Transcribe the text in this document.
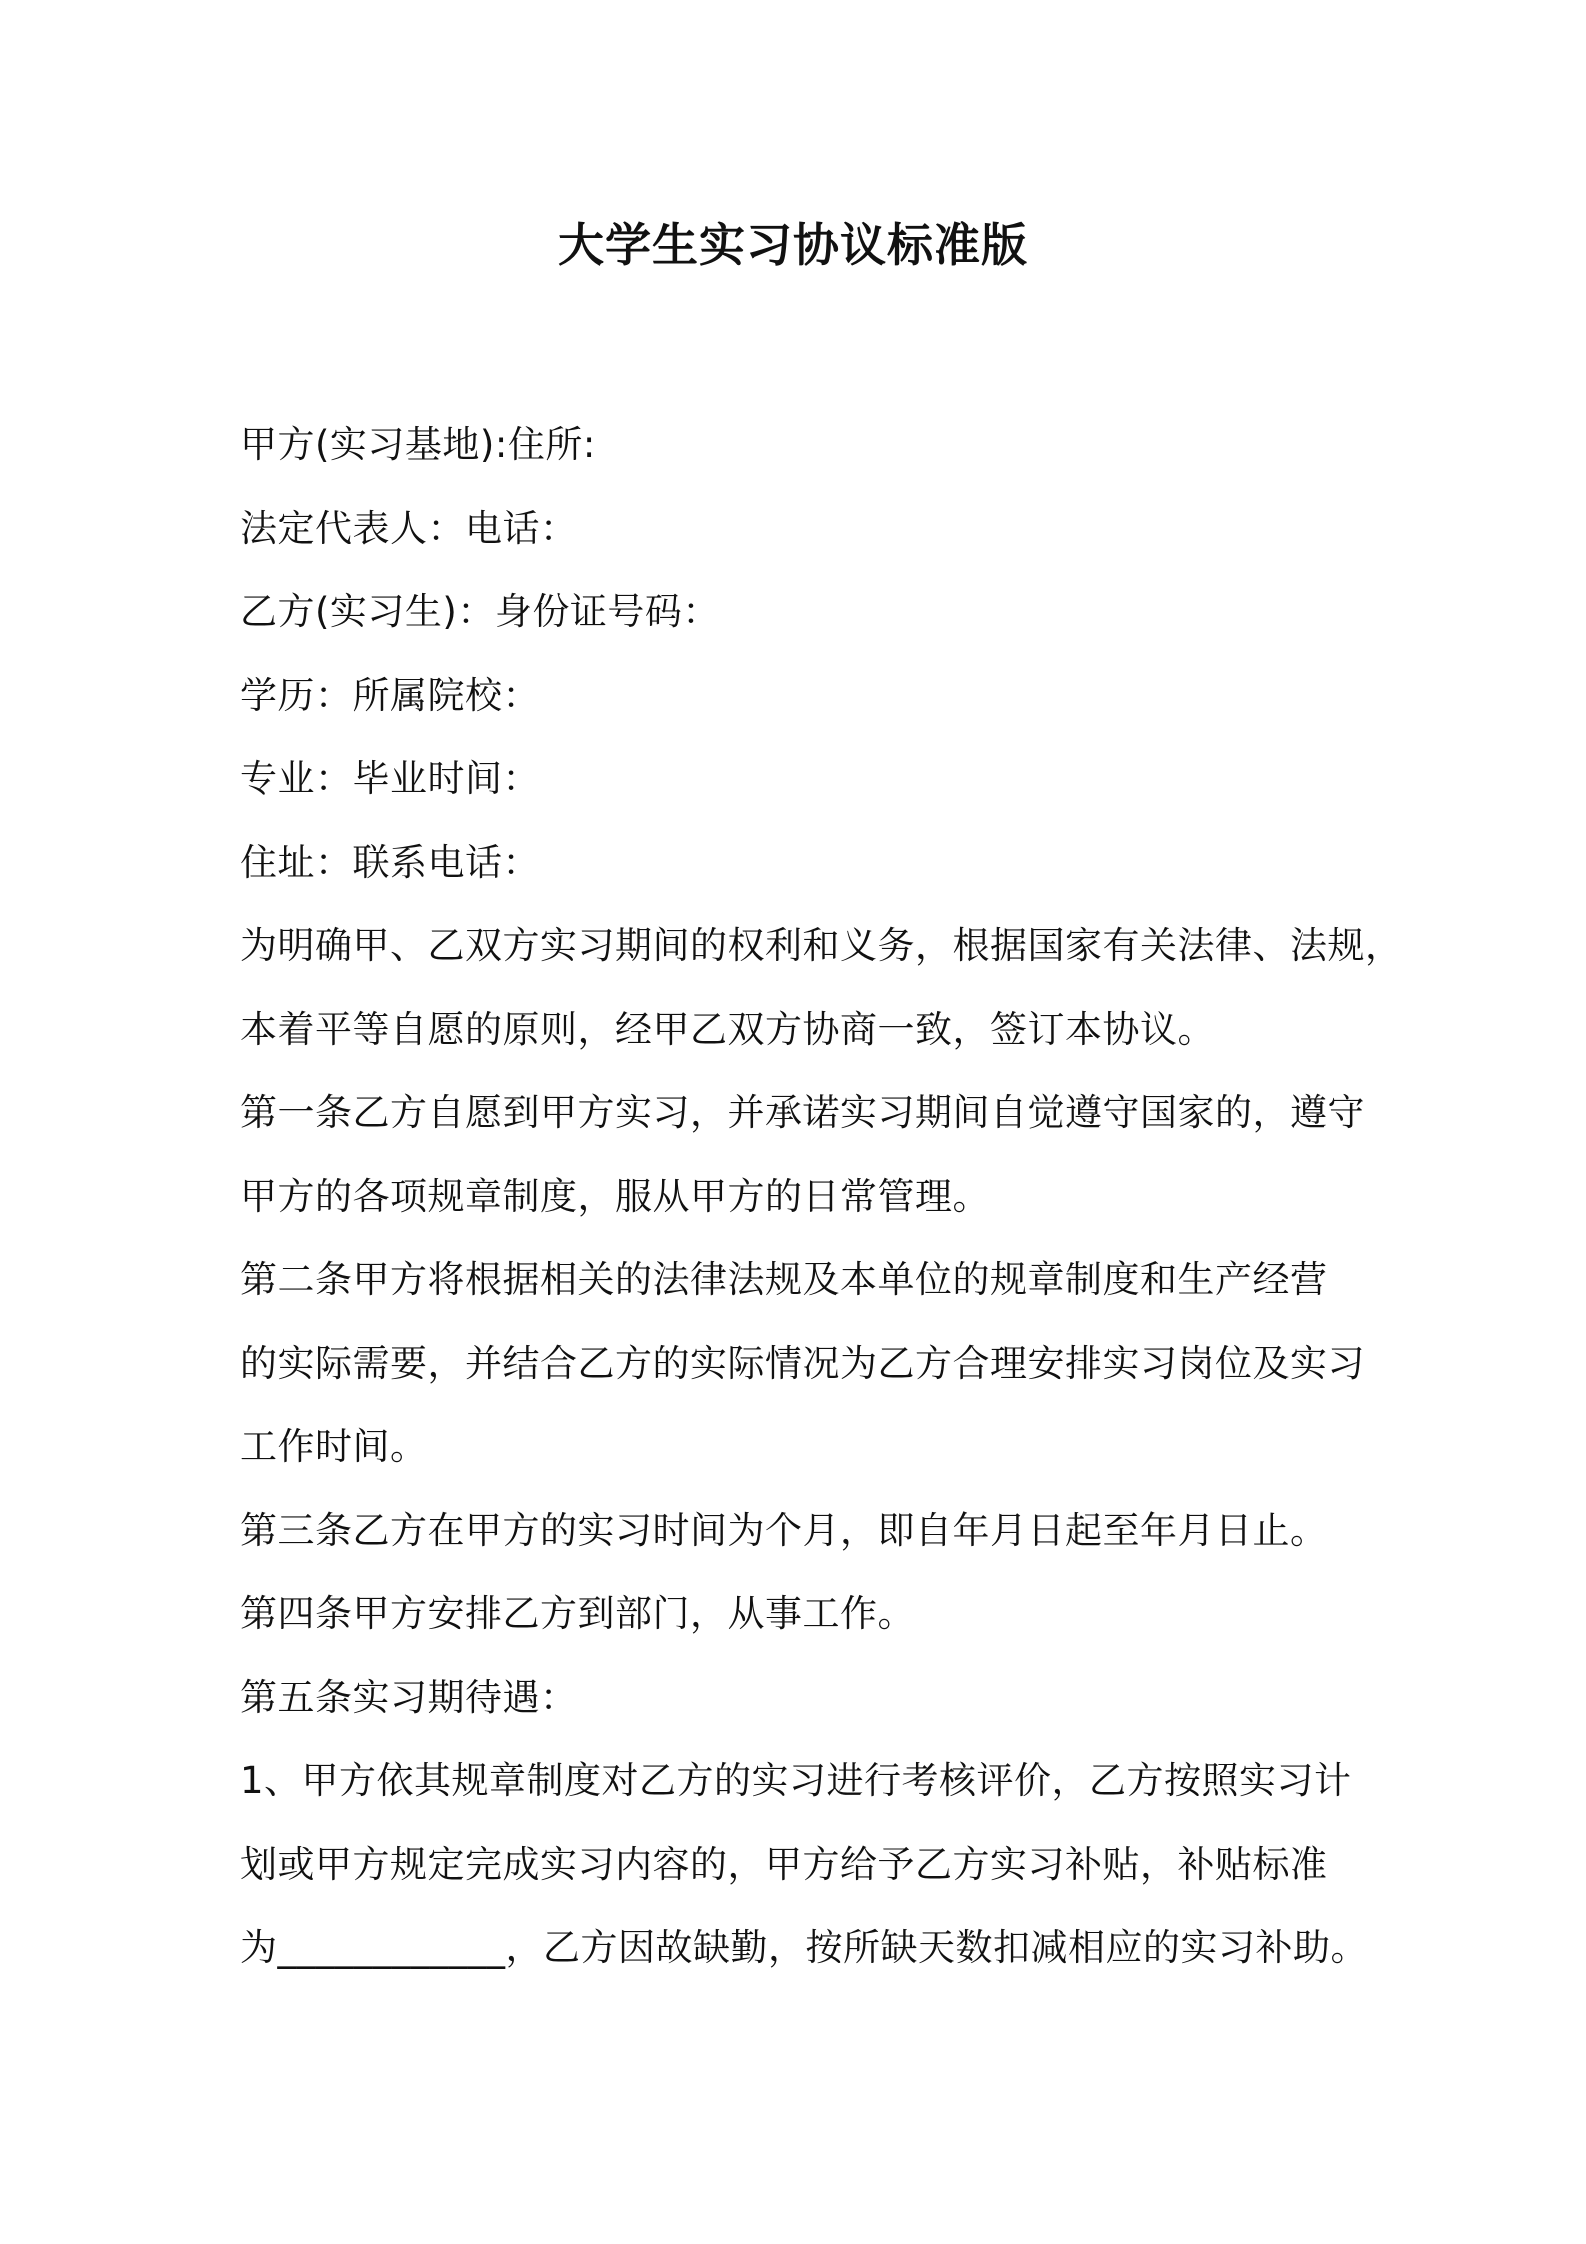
大学生实习协议标准版
甲方(实习基地):住所:
法定代表人：电话：
乙方(实习生)：身份证号码：
学历：所属院校：
专业：毕业时间：
住址：联系电话：
为明确甲、乙双方实习期间的权利和义务，根据国家有关法律、法规，
本着平等自愿的原则，经甲乙双方协商一致，签订本协议。
第一条乙方自愿到甲方实习，并承诺实习期间自觉遵守国家的，遵守
甲方的各项规章制度，服从甲方的日常管理。
第二条甲方将根据相关的法律法规及本单位的规章制度和生产经营
的实际需要，并结合乙方的实际情况为乙方合理安排实习岗位及实习
工作时间。
第三条乙方在甲方的实习时间为个月，即自年月日起至年月日止。
第四条甲方安排乙方到部门，从事工作。
第五条实习期待遇：
1、甲方依其规章制度对乙方的实习进行考核评价，乙方按照实习计
划或甲方规定完成实习内容的，甲方给予乙方实习补贴，补贴标准
为____________，乙方因故缺勤，按所缺天数扣减相应的实习补助。
